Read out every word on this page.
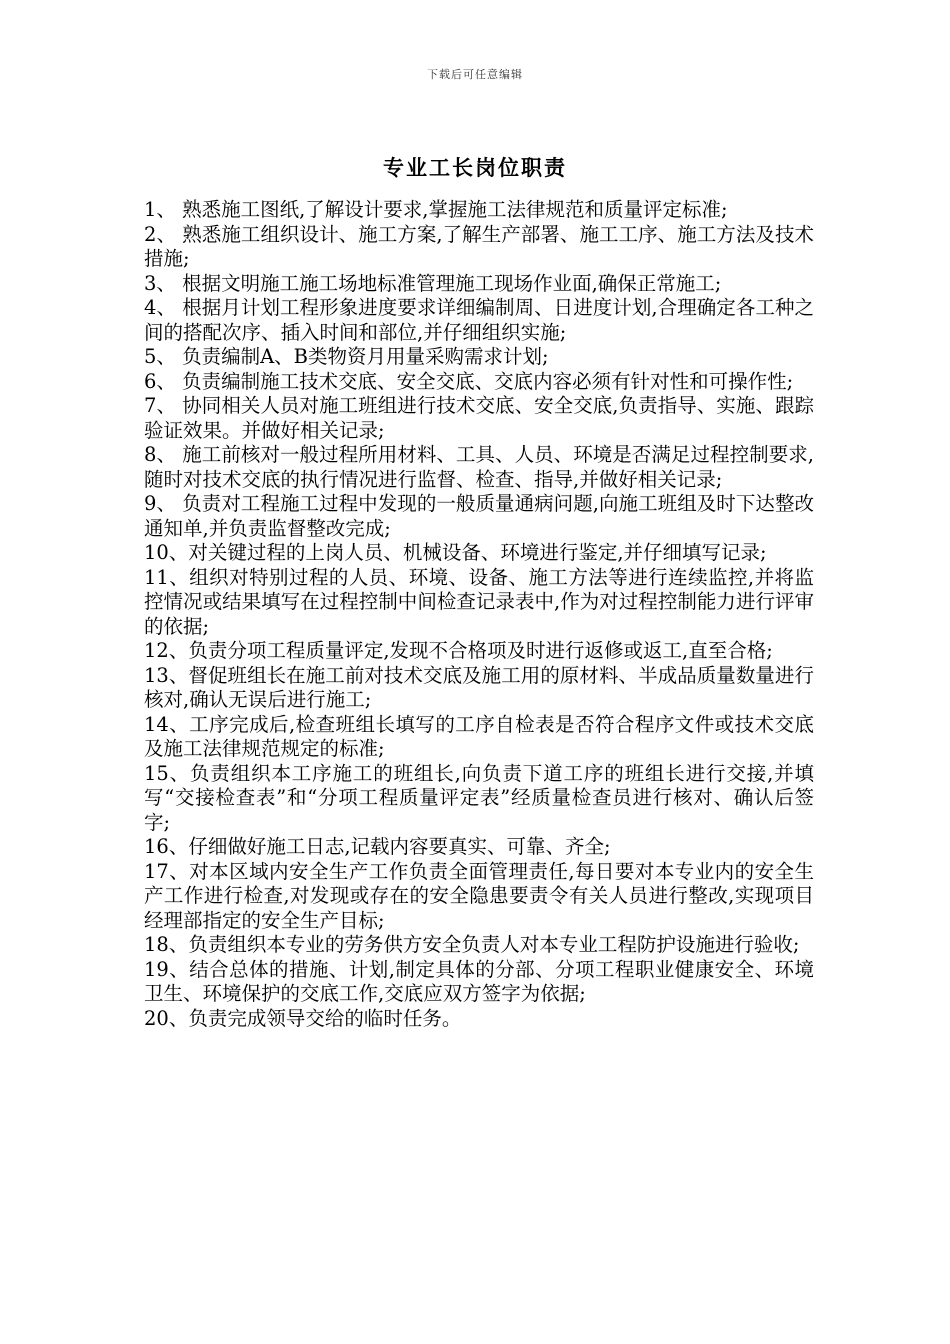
下载后可任意编辑
专业工长岗位职责
1、 熟悉施工图纸,了解设计要求,掌握施工法律规范和质量评定标准;
2、 熟悉施工组织设计、施工方案,了解生产部署、施工工序、施工方法及技术措施;
3、 根据文明施工施工场地标准管理施工现场作业面,确保正常施工;
4、 根据月计划工程形象进度要求详细编制周、日进度计划,合理确定各工种之间的搭配次序、插入时间和部位,并仔细组织实施;
5、 负责编制A、B类物资月用量采购需求计划;
6、 负责编制施工技术交底、安全交底、交底内容必须有针对性和可操作性;
7、 协同相关人员对施工班组进行技术交底、安全交底,负责指导、实施、跟踪验证效果。并做好相关记录;
8、 施工前核对一般过程所用材料、工具、人员、环境是否满足过程控制要求,随时对技术交底的执行情况进行监督、检查、指导,并做好相关记录;
9、 负责对工程施工过程中发现的一般质量通病问题,向施工班组及时下达整改通知单,并负责监督整改完成;
10、对关键过程的上岗人员、机械设备、环境进行鉴定,并仔细填写记录;
11、组织对特别过程的人员、环境、设备、施工方法等进行连续监控,并将监控情况或结果填写在过程控制中间检查记录表中,作为对过程控制能力进行评审的依据;
12、负责分项工程质量评定,发现不合格项及时进行返修或返工,直至合格;
13、督促班组长在施工前对技术交底及施工用的原材料、半成品质量数量进行核对,确认无误后进行施工;
14、工序完成后,检查班组长填写的工序自检表是否符合程序文件或技术交底及施工法律规范规定的标准;
15、负责组织本工序施工的班组长,向负责下道工序的班组长进行交接,并填写“交接检查表”和“分项工程质量评定表”经质量检查员进行核对、确认后签字;
16、仔细做好施工日志,记载内容要真实、可靠、齐全;
17、对本区域内安全生产工作负责全面管理责任,每日要对本专业内的安全生产工作进行检查,对发现或存在的安全隐患要责令有关人员进行整改,实现项目经理部指定的安全生产目标;
18、负责组织本专业的劳务供方安全负责人对本专业工程防护设施进行验收;
19、结合总体的措施、计划,制定具体的分部、分项工程职业健康安全、环境卫生、环境保护的交底工作,交底应双方签字为依据;
20、负责完成领导交给的临时任务。
